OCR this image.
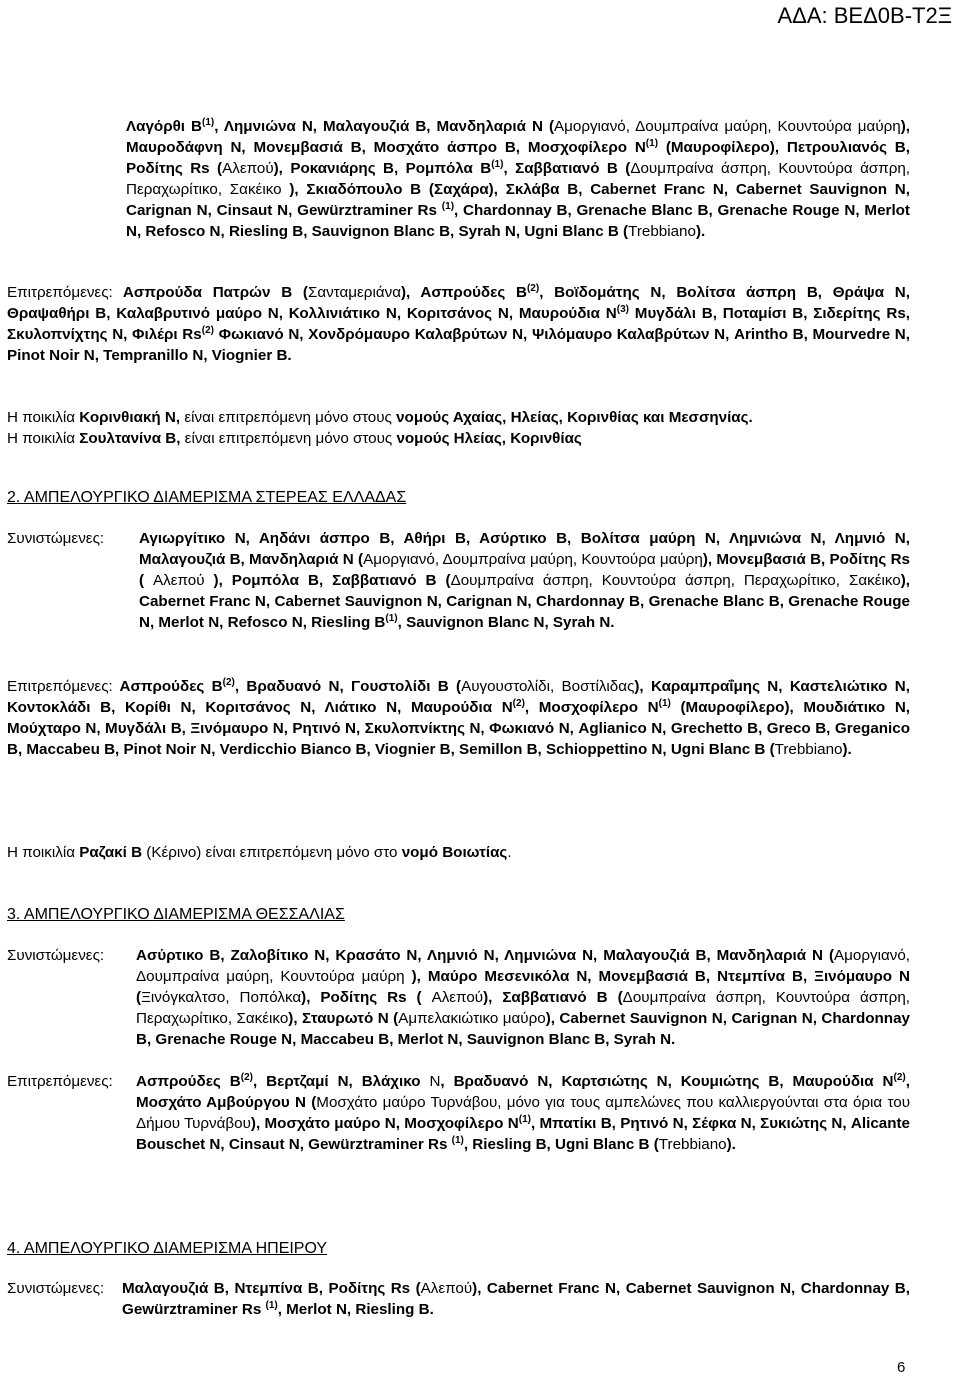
ΑΔΑ: ΒΕΔ0Β-Τ2Ξ
Λαγόρθι $B^{(1)}$, Λημνιώνα Ν, Μαλαγουζιά Β, Μανδηλαριά Ν (Αμοργιανό, Δουμπραίνα μαύρη, Κουντούρα μαύρη), Μαυροδάφνη Ν, Μονεμβασιά Β, Μοσχάτο άσπρο Β, Μοσχοφίλερο $N^{(1)}$ (Μαυροφίλερο), Πετρουλιανός Β, Ροδίτης Rs (Αλεπού), Ροκανιάρης Β, Ρομπόλα $B^{(1)}$, Σαββατιανό Β (Δουμπραίνα άσπρη, Κουντούρα άσπρη, Περαχωρίτικο, Σακέικο ), Σκιαδόπουλο Β (Σαχάρα), Σκλάβα Β, Cabernet Franc N, Cabernet Sauvignon N, Carignan N, Cinsaut N, Gewürztraminer Rs $^{(1)}$, Chardonnay B, Grenache Blanc B, Grenache Rouge N, Merlot N, Refosco N, Riesling B, Sauvignon Blanc B, Syrah N, Ugni Blanc B (Trebbiano).
Επιτρεπόμενες: Ασπρούδα Πατρών Β (Σανταμεριάνα), Ασπρούδες $B^{(2)}$, Βοϊδομάτης Ν, Βολίτσα άσπρη Β, Θράψα Ν, Θραψαθήρι Β, Καλαβρυτινό μαύρο Ν, Κολλινιάτικο Ν, Κοριτσάνος Ν, Μαυρούδια $N^{(3)}$ Μυγδάλι Β, Ποταμίσι Β, Σιδερίτης Rs, Σκυλοπνίχτης Ν, Φιλέρι Rs$^{(2)}$ Φωκιανό Ν, Χονδρόμαυρο Καλαβρύτων Ν, Ψιλόμαυρο Καλαβρύτων Ν, Arintho B, Mourvedre N, Pinot Noir N, Tempranillo N, Viognier B.
Η ποικιλία Κορινθιακή Ν, είναι επιτρεπόμενη μόνο στους νομούς Αχαίας, Ηλείας, Κορινθίας και Μεσσηνίας.
Η ποικιλία Σουλτανίνα Β, είναι επιτρεπόμενη μόνο στους νομούς Ηλείας, Κορινθίας
2. ΑΜΠΕΛΟΥΡΓΙΚΟ ΔΙΑΜΕΡΙΣΜΑ ΣΤΕΡΕΑΣ ΕΛΛΑΔΑΣ
Συνιστώμενες: Αγιωργίτικο Ν, Αηδάνι άσπρο Β, Αθήρι Β, Ασύρτικο Β, Βολίτσα μαύρη Ν, Λημνιώνα Ν, Λημνιό Ν, Μαλαγουζιά Β, Μανδηλαριά Ν (Αμοργιανό, Δουμπραίνα μαύρη, Κουντούρα μαύρη), Μονεμβασιά Β, Ροδίτης Rs ( Αλεπού ), Ρομπόλα Β, Σαββατιανό Β (Δουμπραίνα άσπρη, Κουντούρα άσπρη, Περαχωρίτικο, Σακέικο), Cabernet Franc N, Cabernet Sauvignon N, Carignan N, Chardonnay B, Grenache Blanc B, Grenache Rouge N, Merlot N, Refosco N, Riesling $B^{(1)}$, Sauvignon Blanc N, Syrah N.
Επιτρεπόμενες: Ασπρούδες $B^{(2)}$, Βραδυανό Ν, Γουστολίδι Β (Αυγουστολίδι, Βοστίλιδας), Καραμπραΐμης Ν, Καστελιώτικο Ν, Κοντοκλάδι Β, Κορίθι Ν, Κοριτσάνος Ν, Λιάτικο Ν, Μαυρούδια $N^{(2)}$, Μοσχοφίλερο $N^{(1)}$ (Μαυροφίλερο), Μουδιάτικο Ν, Μούχταρο Ν, Μυγδάλι Β, Ξινόμαυρο Ν, Ρητινό Ν, Σκυλοπνίκτης Ν, Φωκιανό Ν, Aglianico N, Grechetto B, Greco B, Greganico B, Maccabeu B, Pinot Noir N, Verdicchio Bianco B, Viognier B, Semillon B, Schioppettino N, Ugni Blanc B (Trebbiano).
Η ποικιλία Ραζακί Β (Κέρινο) είναι επιτρεπόμενη μόνο στο νομό Βοιωτίας.
3. ΑΜΠΕΛΟΥΡΓΙΚΟ ΔΙΑΜΕΡΙΣΜΑ ΘΕΣΣΑΛΙΑΣ
Συνιστώμενες: Ασύρτικο Β, Ζαλοβίτικο Ν, Κρασάτο Ν, Λημνιό Ν, Λημνιώνα Ν, Μαλαγουζιά Β, Μανδηλαριά Ν (Αμοργιανό, Δουμπραίνα μαύρη, Κουντούρα μαύρη ), Μαύρο Μεσενικόλα Ν, Μονεμβασιά Β, Ντεμπίνα Β, Ξινόμαυρο Ν (Ξινόγκαλτσο, Ποπόλκα), Ροδίτης Rs ( Αλεπού), Σαββατιανό Β (Δουμπραίνα άσπρη, Κουντούρα άσπρη, Περαχωρίτικο, Σακέικο), Σταυρωτό Ν (Αμπελακιώτικο μαύρο), Cabernet Sauvignon N, Carignan N, Chardonnay B, Grenache Rouge N, Maccabeu B, Merlot N, Sauvignon Blanc B, Syrah N.
Επιτρεπόμενες: Ασπρούδες $B^{(2)}$, Βερτζαμί Ν, Βλάχικο Ν, Βραδυανό Ν, Καρτσιώτης Ν, Κουμιώτης Β, Μαυρούδια $N^{(2)}$, Μοσχάτο Αμβούργου Ν (Μοσχάτο μαύρο Τυρνάβου, μόνο για τους αμπελώνες που καλλιεργούνται στα όρια του Δήμου Τυρνάβου), Μοσχάτο μαύρο Ν, Μοσχοφίλερο $N^{(1)}$, Μπατίκι Β, Ρητινό Ν, Σέφκα Ν, Συκιώτης Ν, Alicante Bouschet N, Cinsaut N, Gewürztraminer Rs $^{(1)}$, Riesling B, Ugni Blanc B (Trebbiano).
4. ΑΜΠΕΛΟΥΡΓΙΚΟ ΔΙΑΜΕΡΙΣΜΑ ΗΠΕΙΡΟΥ
Συνιστώμενες: Μαλαγουζιά Β, Ντεμπίνα Β, Ροδίτης Rs (Αλεπού), Cabernet Franc N, Cabernet Sauvignon N, Chardonnay B, Gewürztraminer Rs $^{(1)}$, Merlot N, Riesling B.
6
